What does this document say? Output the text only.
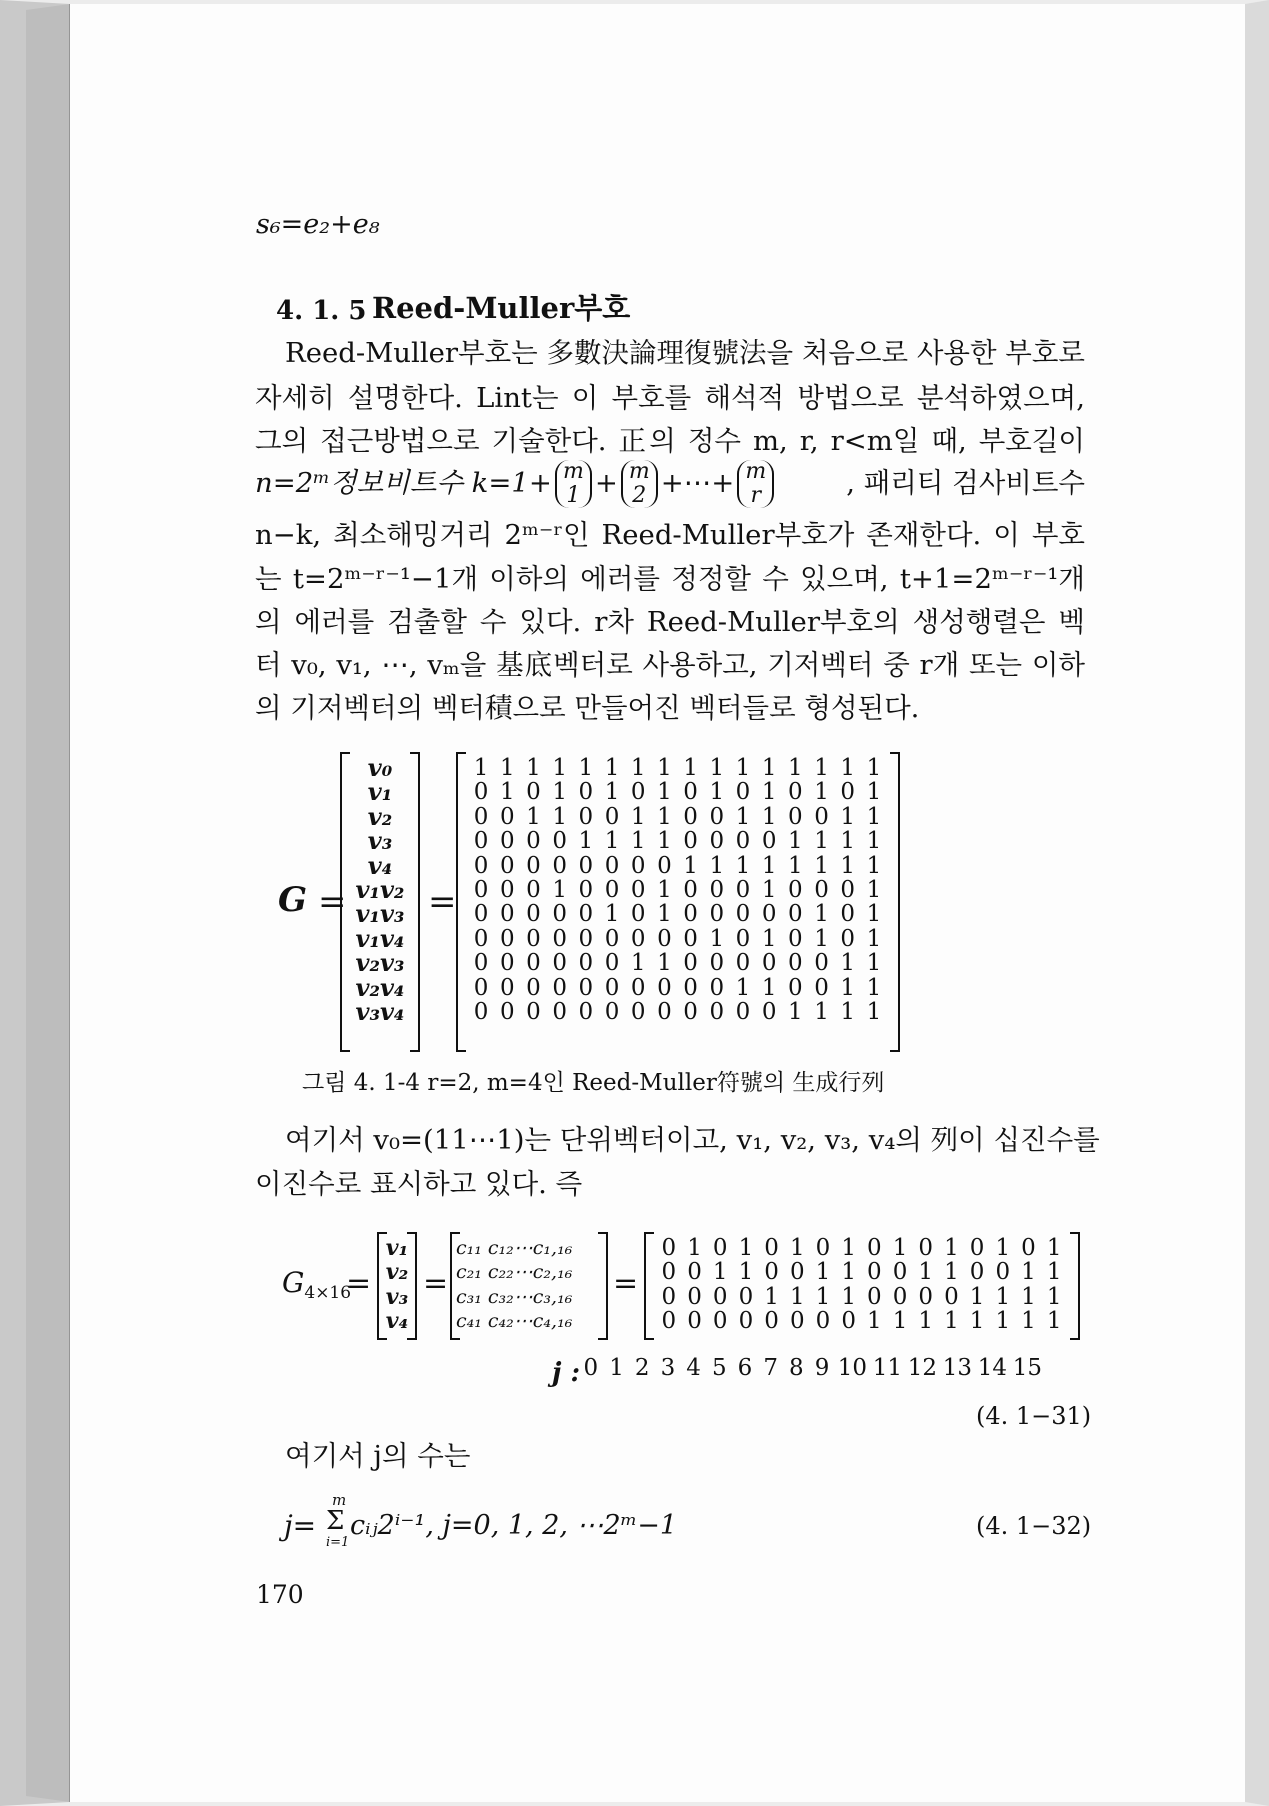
s₆=e₂+e₈
4. 1. 5 Reed-Muller부호
Reed-Muller부호는 多數決論理復號法을 처음으로 사용한 부호로
자세히 설명한다. Lint는 이 부호를 해석적 방법으로 분석하였으며,
그의 접근방법으로 기술한다. 正의 정수 m, r, r<m일 때, 부호길이
n=2ᵐ정보비트수 k=1+ m
1 + m
2 +⋯+ m
r	, 패리티 검사비트수
n−k, 최소해밍거리 2ᵐ⁻ʳ인 Reed-Muller부호가 존재한다. 이 부호
는 t=2ᵐ⁻ʳ⁻¹−1개 이하의 에러를 정정할 수 있으며, t+1=2ᵐ⁻ʳ⁻¹개
의 에러를 검출할 수 있다. r차 Reed-Muller부호의 생성행렬은 벡
터 v₀, v₁, ⋯, vₘ을 基底벡터로 사용하고, 기저벡터 중 r개 또는 이하
의 기저벡터의 벡터積으로 만들어진 벡터들로 형성된다.
G =
v₀
v₁
v₂
v₃
v₄
v₁v₂
v₁v₃
v₁v₄
v₂v₃
v₂v₄
v₃v₄
=
1 1 1 1 1 1 1 1 1 1 1 1 1 1 1 1
0 1 0 1 0 1 0 1 0 1 0 1 0 1 0 1
0 0 1 1 0 0 1 1 0 0 1 1 0 0 1 1
0 0 0 0 1 1 1 1 0 0 0 0 1 1 1 1
0 0 0 0 0 0 0 0 1 1 1 1 1 1 1 1
0 0 0 1 0 0 0 1 0 0 0 1 0 0 0 1
0 0 0 0 0 1 0 1 0 0 0 0 0 1 0 1
0 0 0 0 0 0 0 0 0 1 0 1 0 1 0 1
0 0 0 0 0 0 1 1 0 0 0 0 0 0 1 1
0 0 0 0 0 0 0 0 0 0 1 1 0 0 1 1
0 0 0 0 0 0 0 0 0 0 0 0 1 1 1 1
그림 4. 1-4 r=2, m=4인 Reed-Muller符號의 生成行列
여기서 v₀=(11⋯1)는 단위벡터이고, v₁, v₂, v₃, v₄의 列이 십진수를
이진수로 표시하고 있다. 즉
$G_{4\times 16}$
=
v₁
v₂
v₃
v₄
=
c₁₁ c₁₂⋯c₁,₁₆
c₂₁ c₂₂⋯c₂,₁₆
c₃₁ c₃₂⋯c₃,₁₆
c₄₁ c₄₂⋯c₄,₁₆
=
0 1 0 1 0 1 0 1 0 1 0 1 0 1 0 1
0 0 1 1 0 0 1 1 0 0 1 1 0 0 1 1
0 0 0 0 1 1 1 1 0 0 0 0 1 1 1 1
0 0 0 0 0 0 0 0 1 1 1 1 1 1 1 1
j : 0 1 2 3 4 5 6 7 8 9 10 11 12 13 14 15
(4. 1−31)
여기서 j의 수는
j=
m
Σ
i=1
cᵢⱼ2ⁱ⁻¹, j=0, 1, 2, ⋯2ᵐ−1	(4. 1−32)
170
